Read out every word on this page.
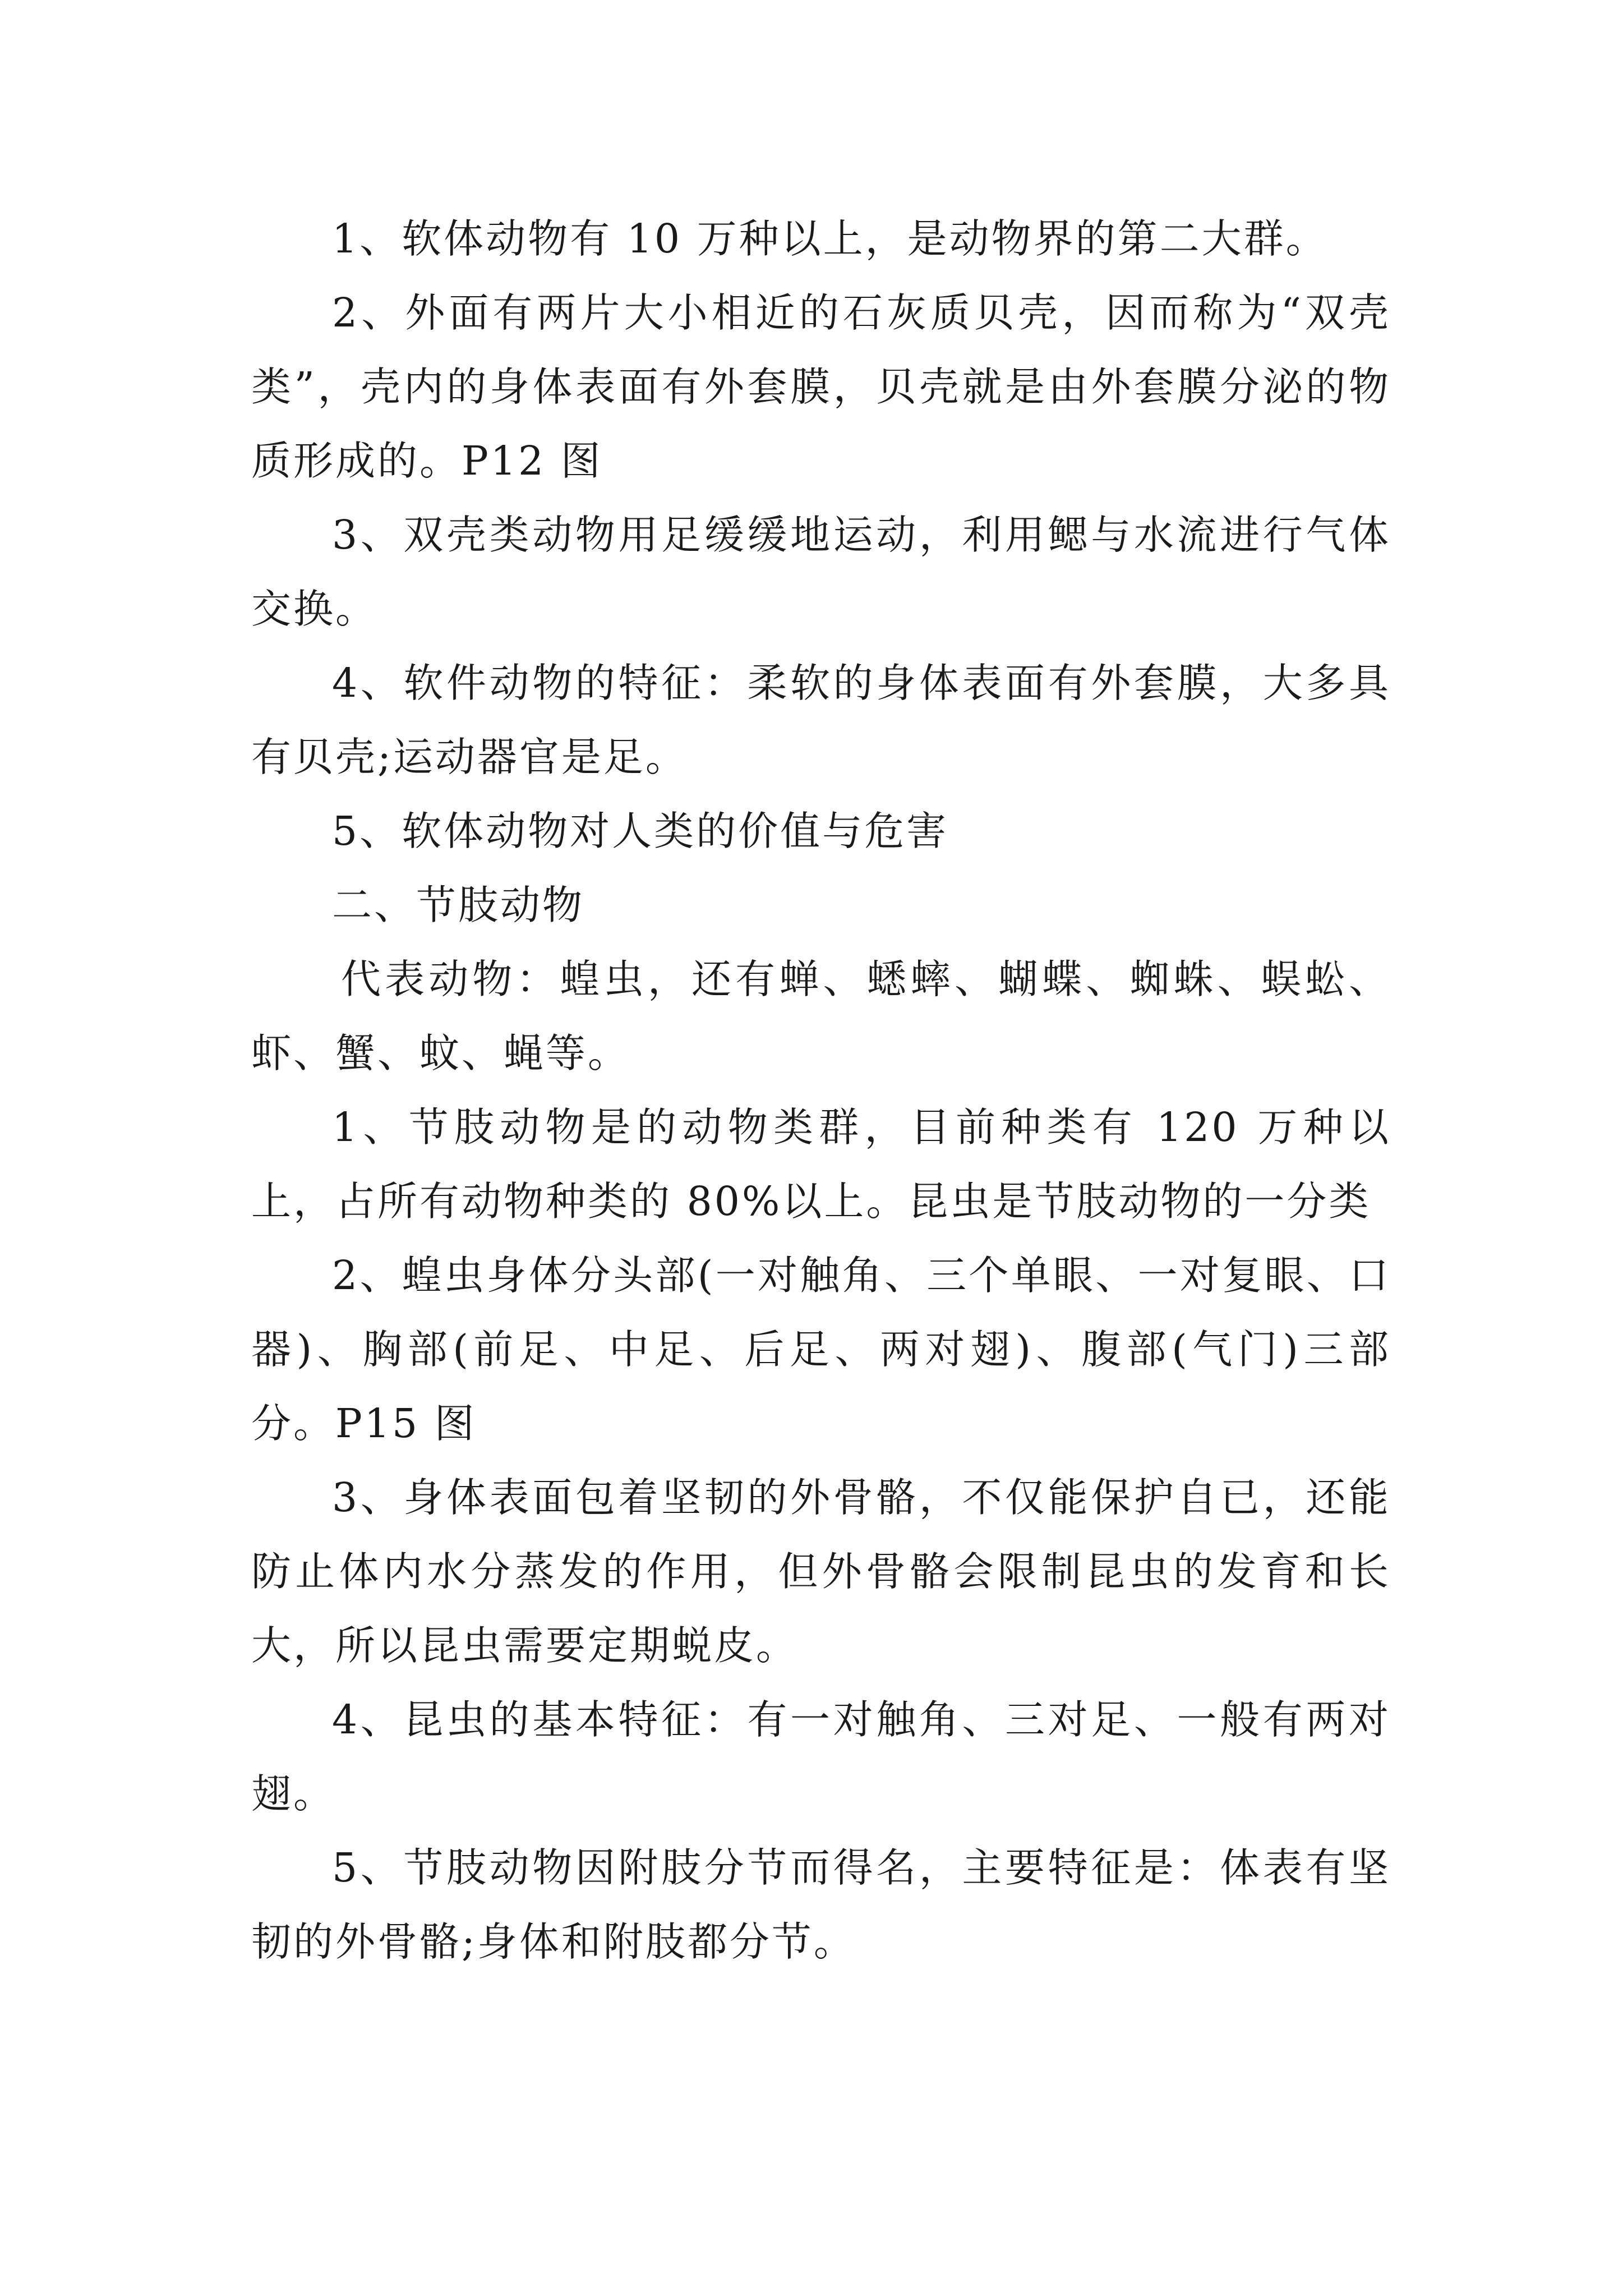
1、软体动物有 10 万种以上，是动物界的第二大群。

2、外面有两片大小相近的石灰质贝壳，因而称为“双壳类”，壳内的身体表面有外套膜，贝壳就是由外套膜分泌的物质形成的。P12 图

3、双壳类动物用足缓缓地运动，利用鳃与水流进行气体交换。

4、软件动物的特征：柔软的身体表面有外套膜，大多具有贝壳;运动器官是足。

5、软体动物对人类的价值与危害

二、节肢动物

代表动物：蝗虫，还有蝉、蟋蟀、蝴蝶、蜘蛛、蜈蚣、虾、蟹、蚊、蝇等。

1、节肢动物是的动物类群，目前种类有 120 万种以上，占所有动物种类的 80%以上。昆虫是节肢动物的一分类

2、蝗虫身体分头部(一对触角、三个单眼、一对复眼、口器)、胸部(前足、中足、后足、两对翅)、腹部(气门)三部分。P15 图

3、身体表面包着坚韧的外骨骼，不仅能保护自已，还能防止体内水分蒸发的作用，但外骨骼会限制昆虫的发育和长大，所以昆虫需要定期蜕皮。

4、昆虫的基本特征：有一对触角、三对足、一般有两对翅。

5、节肢动物因附肢分节而得名，主要特征是：体表有坚韧的外骨骼;身体和附肢都分节。
